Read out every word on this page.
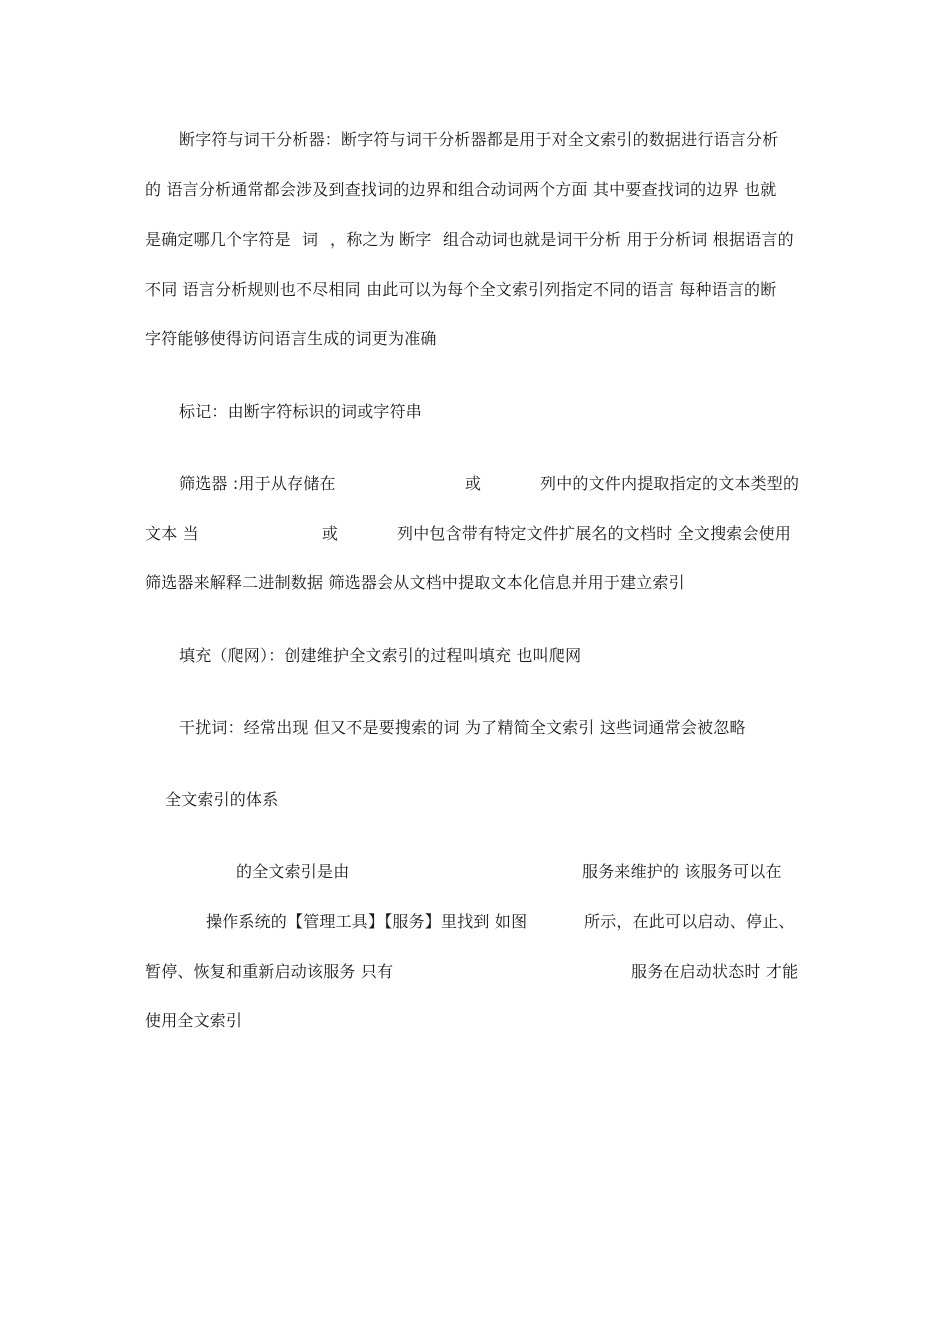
断字符与词干分析器：断字符与词干分析器都是用于对全文索引的数据进行语言分析
的 语言分析通常都会涉及到查找词的边界和组合动词两个方面 其中要查找词的边界 也就
是确定哪几个字符是 词 ，称之为 断字 组合动词也就是词干分析 用于分析词 根据语言的
不同 语言分析规则也不尽相同 由此可以为每个全文索引列指定不同的语言 每种语言的断
字符能够使得访问语言生成的词更为准确
标记：由断字符标识的词或字符串
筛选器 :用于从存储在	或	列中的文件内提取指定的文本类型的
文本 当	或	列中包含带有特定文件扩展名的文档时 全文搜索会使用
筛选器来解释二进制数据 筛选器会从文档中提取文本化信息并用于建立索引
填充（爬网）：创建维护全文索引的过程叫填充 也叫爬网
干扰词：经常出现 但又不是要搜索的词 为了精简全文索引 这些词通常会被忽略
全文索引的体系
的全文索引是由	服务来维护的 该服务可以在
操作系统的【管理工具】【服务】里找到 如图	所示，在此可以启动、停止、
暂停、恢复和重新启动该服务 只有	服务在启动状态时 才能
使用全文索引
